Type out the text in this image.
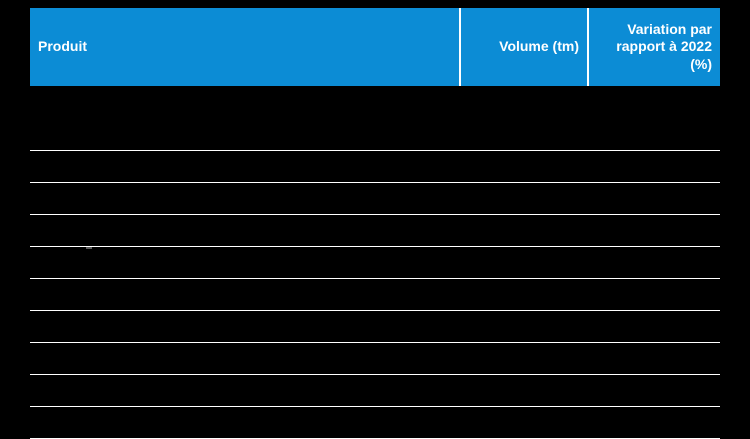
Produit	Volume (tm)	Variation par rapport à 2022 (%)
